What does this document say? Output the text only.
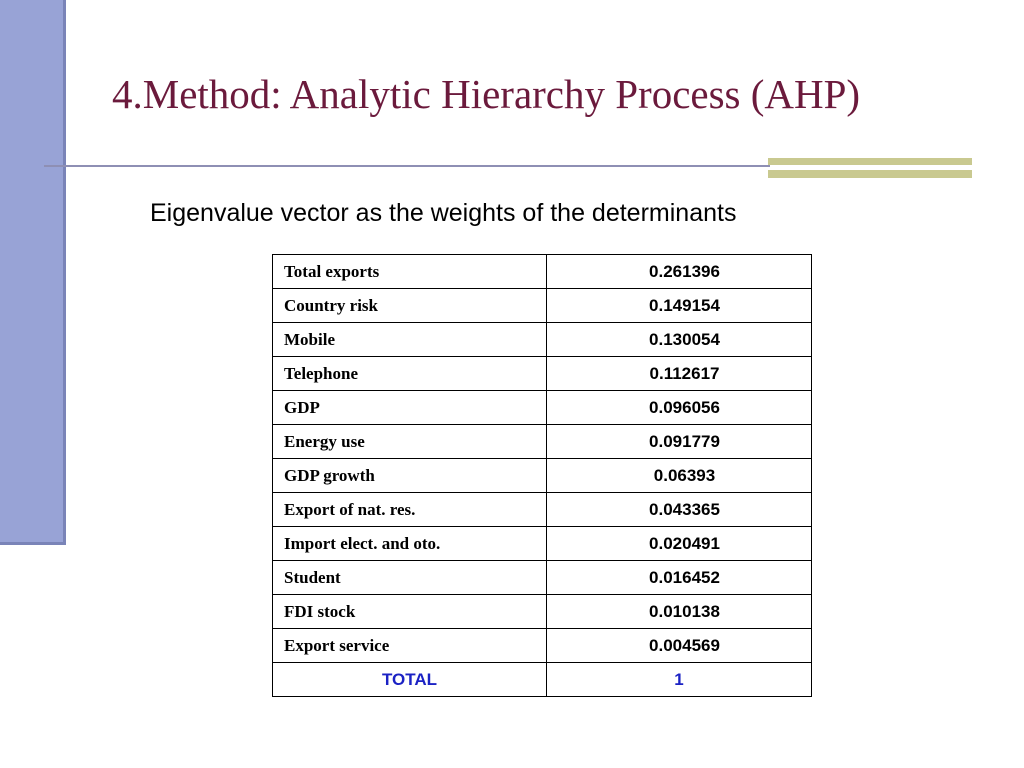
4.Method: Analytic Hierarchy Process (AHP)
Eigenvalue vector as the weights of the determinants
Total exports	0.261396
Country risk	0.149154
Mobile	0.130054
Telephone	0.112617
GDP	0.096056
Energy use	0.091779
GDP growth	0.06393
Export of nat. res.	0.043365
Import elect. and oto.	0.020491
Student	0.016452
FDI stock	0.010138
Export service	0.004569
TOTAL	1
